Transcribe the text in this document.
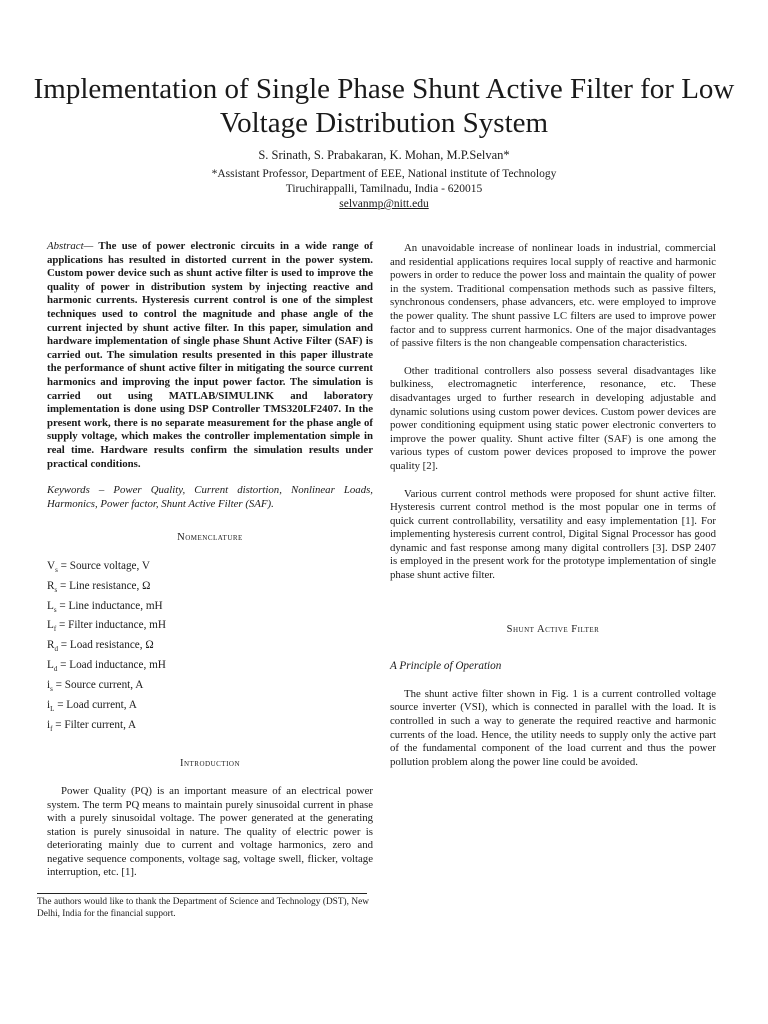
Implementation of Single Phase Shunt Active Filter for Low Voltage Distribution System
S. Srinath, S. Prabakaran, K. Mohan, M.P.Selvan*
*Assistant Professor, Department of EEE, National institute of Technology
Tiruchirappalli, Tamilnadu, India - 620015
selvanmp@nitt.edu
Abstract— The use of power electronic circuits in a wide range of applications has resulted in distorted current in the power system. Custom power device such as shunt active filter is used to improve the quality of power in distribution system by injecting reactive and harmonic currents. Hysteresis current control is one of the simplest techniques used to control the magnitude and phase angle of the current injected by shunt active filter. In this paper, simulation and hardware implementation of single phase Shunt Active Filter (SAF) is carried out. The simulation results presented in this paper illustrate the performance of shunt active filter in mitigating the source current harmonics and improving the input power factor. The simulation is carried out using MATLAB/SIMULINK and laboratory implementation is done using DSP Controller TMS320LF2407. In the present work, there is no separate measurement for the phase angle of supply voltage, which makes the controller implementation simple in real time. Hardware results confirm the simulation results under practical conditions.
Keywords – Power Quality, Current distortion, Nonlinear Loads, Harmonics, Power factor, Shunt Active Filter (SAF).
Nomenclature
$V_s$ = Source voltage, V
$R_s$ = Line resistance, Ω
$L_s$ = Line inductance, mH
$L_f$ = Filter inductance, mH
$R_d$ = Load resistance, Ω
$L_d$ = Load inductance, mH
$i_s$ = Source current, A
$i_L$ = Load current, A
$i_f$ = Filter current, A
Introduction

Power Quality (PQ) is an important measure of an electrical power system. The term PQ means to maintain purely sinusoidal current in phase with a purely sinusoidal voltage. The power generated at the generating station is purely sinusoidal in nature. The quality of electric power is deteriorating mainly due to current and voltage harmonics, zero and negative sequence components, voltage sag, voltage swell, flicker, voltage interruption, etc. [1].

An unavoidable increase of nonlinear loads in industrial, commercial and residential applications requires local supply of reactive and harmonic powers in order to reduce the power loss and maintain the quality of power in the system. Traditional compensation methods such as passive filters, synchronous condensers, phase advancers, etc. were employed to improve the power quality. The shunt passive LC filters are used to improve power factor and to suppress current harmonics. One of the major disadvantages of passive filters is the non changeable compensation characteristics.

Other traditional controllers also possess several disadvantages like bulkiness, electromagnetic interference, resonance, etc. These disadvantages urged to further research in developing adjustable and dynamic solutions using custom power devices. Custom power devices are power conditioning equipment using static power electronic converters to improve the power quality. Shunt active filter (SAF) is one among the various types of custom power devices proposed to improve the power quality [2].

Various current control methods were proposed for shunt active filter. Hysteresis current control method is the most popular one in terms of quick current controllability, versatility and easy implementation [1]. For implementing hysteresis current control, Digital Signal Processor has good dynamic and fast response among many digital controllers [3]. DSP 2407 is employed in the present work for the prototype implementation of single phase shunt active filter.

Shunt Active Filter
A Principle of Operation

The shunt active filter shown in Fig. 1 is a current controlled voltage source inverter (VSI), which is connected in parallel with the load. It is controlled in such a way to generate the required reactive and harmonic currents of the load. Hence, the utility needs to supply only the active part of the fundamental component of the load current and thus the power pollution problem along the power line could be avoided.

The authors would like to thank the Department of Science and Technology (DST), New Delhi, India for the financial support.
